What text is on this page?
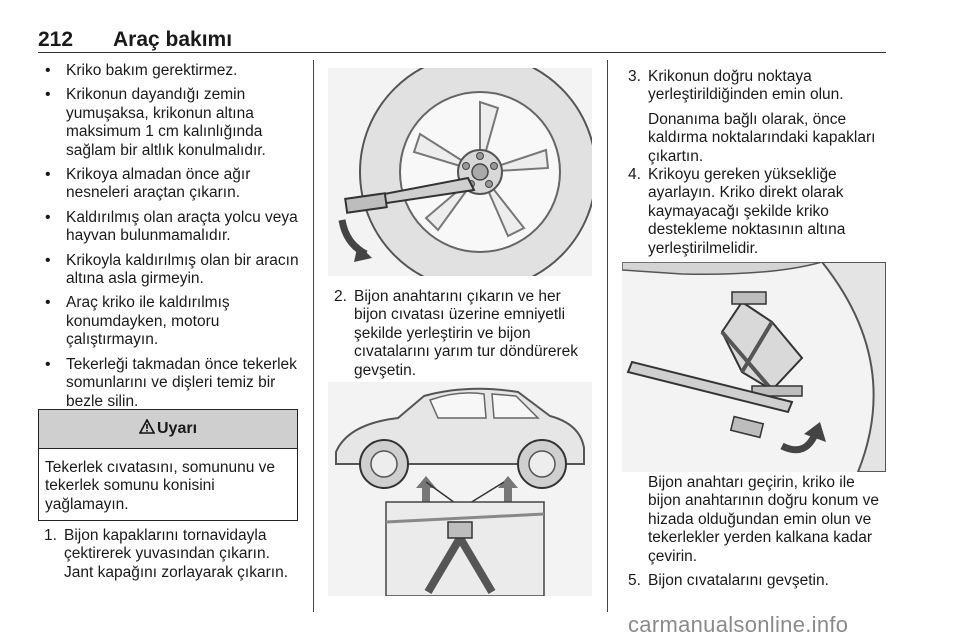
212 Araç bakımı
• Kriko bakım gerektirmez.
• Krikonun dayandığı zemin yumuşaksa, krikonun altına maksimum 1 cm kalınlığında sağlam bir altlık konulmalıdır.
• Krikoya almadan önce ağır nesneleri araçtan çıkarın.
• Kaldırılmış olan araçta yolcu veya hayvan bulunmamalıdır.
• Krikoyla kaldırılmış olan bir aracın altına asla girmeyin.
• Araç kriko ile kaldırılmış konumdayken, motoru çalıştırmayın.
• Tekerleği takmadan önce tekerlek somunlarını ve dişleri temiz bir bezle silin.
Uyarı
Tekerlek cıvatasını, somununu ve tekerlek somunu konisini yağlamayın.
1. Bijon kapaklarını tornavidayla çektirerek yuvasından çıkarın. Jant kapağını zorlayarak çıkarın.
2. Bijon anahtarını çıkarın ve her bijon cıvatası üzerine emniyetli şekilde yerleştirin ve bijon cıvatalarını yarım tur döndürerek gevşetin.
3. Krikonun doğru noktaya yerleştirildiğinden emin olun.

Donanıma bağlı olarak, önce kaldırma noktalarındaki kapakları çıkartın.

4. Krikoyu gereken yüksekliğe ayarlayın. Kriko direkt olarak kaymayacağı şekilde kriko destekleme noktasının altına yerleştirilmelidir.
Bijon anahtarı geçirin, kriko ile bijon anahtarının doğru konum ve hizada olduğundan emin olun ve tekerlekler yerden kalkana kadar çevirin.
5. Bijon cıvatalarını gevşetin.
carmanualsonline.info
